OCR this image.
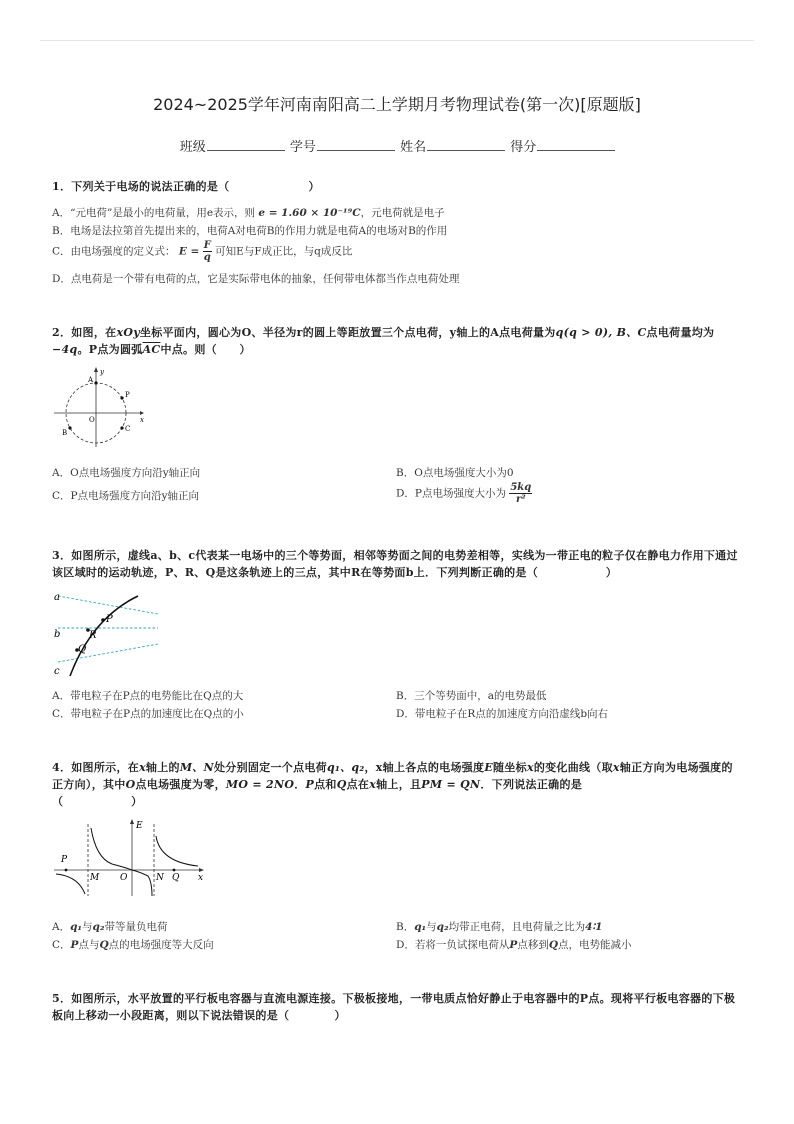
2024~2025学年河南南阳高二上学期月考物理试卷(第一次)[原题版]
班级	学号	姓名	得分
1．下列关于电场的说法正确的是（　　　　　　　）
A．“元电荷”是最小的电荷量，用e表示，则 e = 1.60 × 10⁻¹⁹C，元电荷就是电子
B．电场是法拉第首先提出来的，电荷A对电荷B的作用力就是电荷A的电场对B的作用
C．由电场强度的定义式： $E = \frac{F}{q}$ 可知E与F成正比，与q成反比
D．点电荷是一个带有电荷的点，它是实际带电体的抽象，任何带电体都当作点电荷处理
2．如图，在xOy坐标平面内，圆心为O、半径为r的圆上等距放置三个点电荷，y轴上的A点电荷量为q(q > 0), B、C点电荷量均为
−4q。P点为圆弧$\overline{AC}$中点。则（　　）
y
x
A
P
O
B	C
A．O点电场强度方向沿y轴正向	B．O点电场强度大小为0
C．P点电场强度方向沿y轴正向	D．P点电场强度大小为 $\frac{5kq}{\text{r²}}$
3．如图所示，虚线a、b、c代表某一电场中的三个等势面，相邻等势面之间的电势差相等，实线为一带正电的粒子仅在静电力作用下通过该区域时的运动轨迹，P、R、Q是这条轨迹上的三点，其中R在等势面b上．下列判断正确的是（　　　　　　）
a
b
c
P
R
Q
A．带电粒子在P点的电势能比在Q点的大	B．三个等势面中，a的电势最低
C．带电粒子在P点的加速度比在Q点的小	D．带电粒子在R点的加速度方向沿虚线b向右
4．如图所示，在x轴上的M、N处分别固定一个点电荷q₁、q₂，x轴上各点的电场强度E随坐标x的变化曲线（取x轴正方向为电场强度的正方向），其中O点电场强度为零，MO = 2NO．P点和Q点在x轴上，且PM = QN．下列说法正确的是
（　　　　　　）
E
P
M O	N Q x
A．q₁与q₂带等量负电荷	B．q₁与q₂均带正电荷，且电荷量之比为4∶1
C．P点与Q点的电场强度等大反向	D．若将一负试探电荷从P点移到Q点，电势能减小
5．如图所示，水平放置的平行板电容器与直流电源连接。下极板接地，一带电质点恰好静止于电容器中的P点。现将平行板电容器的下极板向上移动一小段距离，则以下说法错误的是（　　　　）
